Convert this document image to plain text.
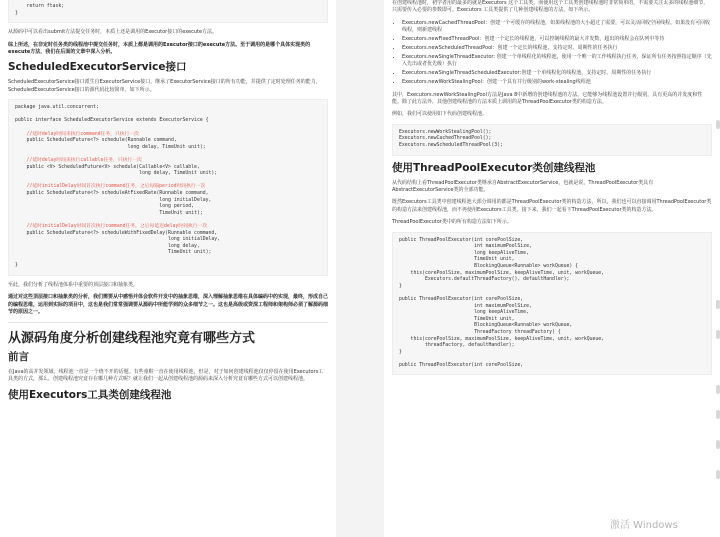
return ftask;
}

从源码中可以看出submit方法提交任务时，本质上还是调用的Executor接口的execute方法。

综上所述，在非定时任务类的线程池中提交任务时，本质上都是调用的Executor接口的execute方法。至于调用的是哪个具体实现类的execute方法，我们在后面的文章中深入分析。

ScheduledExecutorService接口

ScheduledExecutorService接口派生自ExecutorService接口，继承了ExecutorService接口的所有功能，并提供了定时处理任务的能力，ScheduledExecutorService接口的源代码比较简单，如下所示。

package java.util.concurrent;

public interface ScheduledExecutorService extends ExecutorService {

//延时delay时间来执行command任务，只执行一次
public ScheduledFuture<?> schedule(Runnable command,
long delay, TimeUnit unit);

//延时delay时间来执行callable任务，只执行一次
public <V> ScheduledFuture<V> schedule(Callable<V> callable,
long delay, TimeUnit unit);

//延时initialDelay时间首次执行command任务，之后每隔period时间执行一次
public ScheduledFuture<?> scheduleAtFixedRate(Runnable command,
long initialDelay,
long period,
TimeUnit unit);

//延时initialDelay时间首次执行command任务，之后每延迟delay时间执行一次
public ScheduledFuture<?> scheduleWithFixedDelay(Runnable command,
long initialDelay,
long delay,
TimeUnit unit);

}

至此，我们分析了线程池体系中重要的顶层接口和抽象类。

通过对这些顶层接口和抽象类的分析，我们需要从中感悟并体会软件开发中的抽象思维，深入理解抽象思维在具体编码中的实现，最终，形成自己的编程思维，运用到实际的项目中，这也是我们常常强调要从源码中所能学到的众多细节之一。这也是高级或资深工程师和架构师必须了解源码细节的原因之一。

从源码角度分析创建线程池究竟有哪些方式
前言

在Java的高并发领域，线程池一直是一个绕不开的话题。有些童鞋一直在使用线程池，但是，对于如何创建线程池仅仅停留在使用Executors工具类的方式，那么，创建线程池究竟存在哪几种方式呢？就让我们一起从创建线程池的源码来深入分析究竟有哪些方式可以创建线程池。

使用Executors工具类创建线程池

在创建线程池时，初学者用的最多的就是Executors 这个工具类，而使用这个工具类创建线程池时非常简单的，不需要关注太多的线程池细节，只需要传入必要的参数即可。Executors 工具类提供了几种创建线程池的方法，如下所示。

• Executors.newCachedThreadPool：创建一个可缓存的线程池，如果线程池的大小超过了需要，可以灵活回收空闲线程，如果没有可回收线程，则新建线程
• Executors.newFixedThreadPool：创建一个定长的线程池，可以控制线程的最大并发数，超出的线程会在队列中等待
• Executors.newScheduledThreadPool：创建一个定长的线程池，支持定时、周期性的任务执行
• Executors.newSingleThreadExecutor: 创建一个单线程化的线程池，使用一个唯一的工作线程执行任务，保证所有任务按照指定顺序（先入先出或者优先级）执行
• Executors.newSingleThreadScheduledExecutor:创建一个单线程化的线程池，支持定时、周期性的任务执行
• Executors.newWorkStealingPool：创建一个具有并行级别的work-stealing线程池

其中，Executors.newWorkStealingPool方法是Java 8中新增的创建线程池的方法，它能够为线程池设置并行级别，具有更高的并发度和性能。除了此方法外，其他创建线程池的方法本质上调用的是ThreadPoolExecutor类的构造方法。

例如，我们可以使用如下代码创建线程池。

Executors.newWorkStealingPool();
Executors.newCachedThreadPool();
Executors.newScheduledThreadPool(3);
使用ThreadPoolExecutor类创建线程池

从代码结构上看ThreadPoolExecutor类继承自AbstractExecutorService，也就是说，ThreadPoolExecutor类具有AbstractExecutorService类的全部功能。

既然Executors工具类中创建线程池大部分调用的都是ThreadPoolExecutor类的构造方法，所以，我们也可以直接调用ThreadPoolExecutor类的构造方法来创建线程池，而不再使用Executors工具类。接下来，我们一起看下ThreadPoolExecutor类的构造方法。

ThreadPoolExecutor类中的所有构造方法如下所示。

public ThreadPoolExecutor(int corePoolSize,
int maximumPoolSize,
long keepAliveTime,
TimeUnit unit,
BlockingQueue<Runnable> workQueue) {
this(corePoolSize, maximumPoolSize, keepAliveTime, unit, workQueue,
Executors.defaultThreadFactory(), defaultHandler);
}

public ThreadPoolExecutor(int corePoolSize,
int maximumPoolSize,
long keepAliveTime,
TimeUnit unit,
BlockingQueue<Runnable> workQueue,
ThreadFactory threadFactory) {
this(corePoolSize, maximumPoolSize, keepAliveTime, unit, workQueue,
threadFactory, defaultHandler);
}

public ThreadPoolExecutor(int corePoolSize,
激活 Windows
